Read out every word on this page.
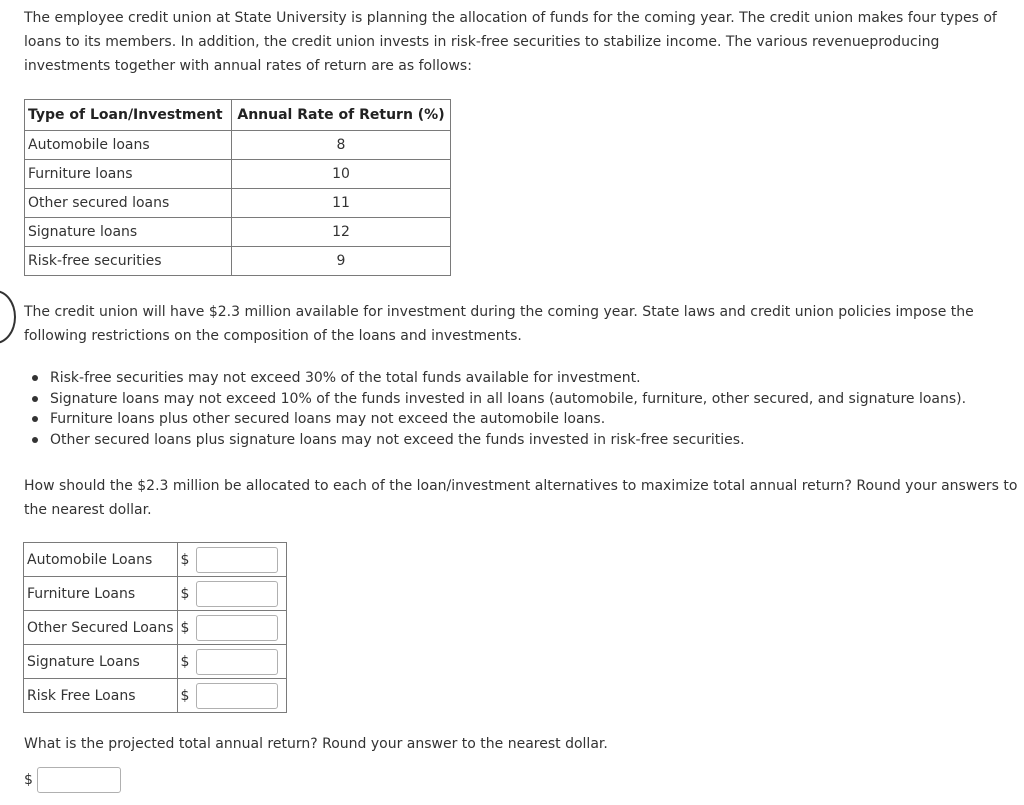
The employee credit union at State University is planning the allocation of funds for the coming year. The credit union makes four types of loans to its members. In addition, the credit union invests in risk-free securities to stabilize income. The various revenueproducing investments together with annual rates of return are as follows:

Type of Loan/Investment	Annual Rate of Return (%)
Automobile loans	8
Furniture loans	10
Other secured loans	11
Signature loans	12
Risk-free securities	9

The credit union will have $2.3 million available for investment during the coming year. State laws and credit union policies impose the following restrictions on the composition of the loans and investments.

Risk-free securities may not exceed 30% of the total funds available for investment.
Signature loans may not exceed 10% of the funds invested in all loans (automobile, furniture, other secured, and signature loans).
Furniture loans plus other secured loans may not exceed the automobile loans.
Other secured loans plus signature loans may not exceed the funds invested in risk-free securities.

How should the $2.3 million be allocated to each of the loan/investment alternatives to maximize total annual return? Round your answers to the nearest dollar.

Automobile Loans	$
Furniture Loans	$
Other Secured Loans	$
Signature Loans	$
Risk Free Loans	$

What is the projected total annual return? Round your answer to the nearest dollar.

$
